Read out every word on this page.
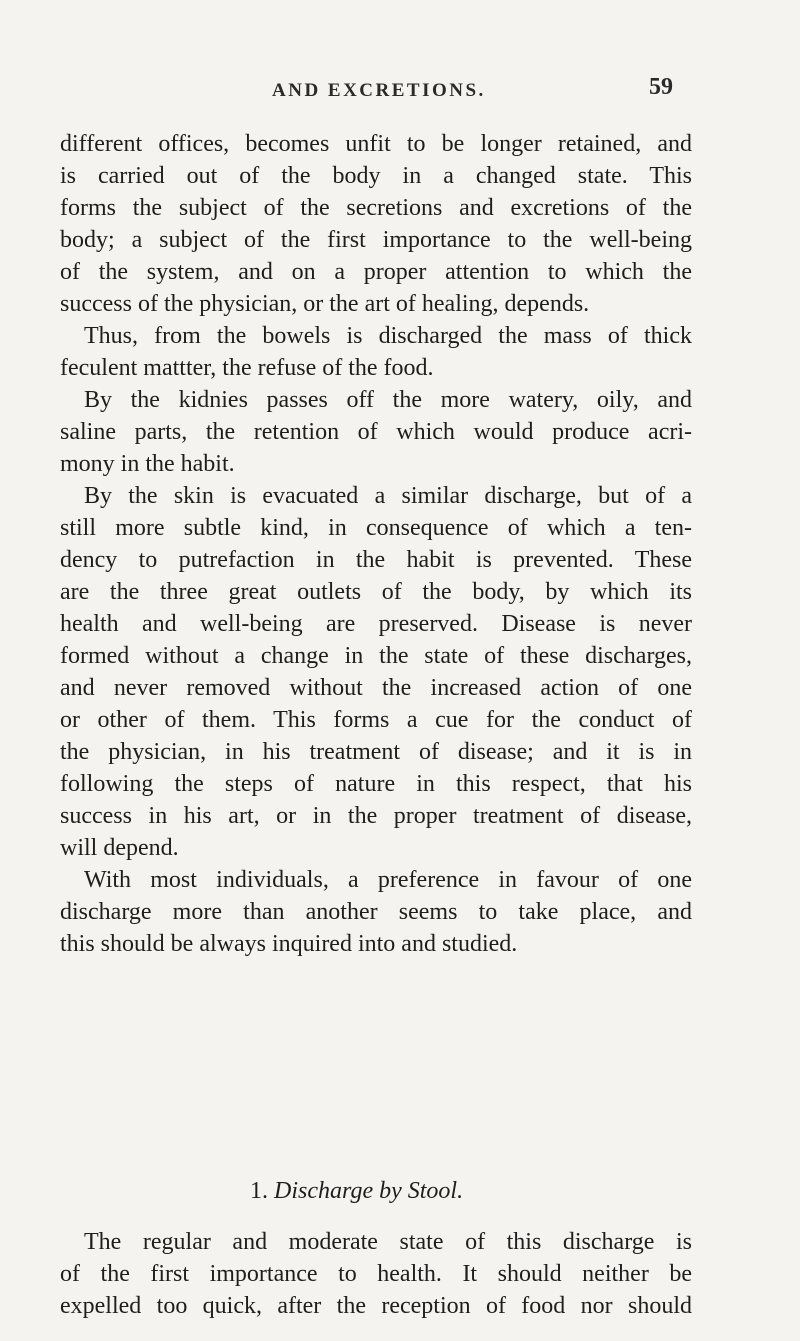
AND EXCRETIONS.	59
different offices, becomes unfit to be longer retained, and
is carried out of the body in a changed state. This
forms the subject of the secretions and excretions of the
body; a subject of the first importance to the well-being
of the system, and on a proper attention to which the
success of the physician, or the art of healing, depends.
Thus, from the bowels is discharged the mass of thick
feculent mattter, the refuse of the food.
By the kidnies passes off the more watery, oily, and
saline parts, the retention of which would produce acri-
mony in the habit.
By the skin is evacuated a similar discharge, but of a
still more subtle kind, in consequence of which a ten-
dency to putrefaction in the habit is prevented. These
are the three great outlets of the body, by which its
health and well-being are preserved. Disease is never
formed without a change in the state of these discharges,
and never removed without the increased action of one
or other of them. This forms a cue for the conduct of
the physician, in his treatment of disease; and it is in
following the steps of nature in this respect, that his
success in his art, or in the proper treatment of disease,
will depend.
With most individuals, a preference in favour of one
discharge more than another seems to take place, and
this should be always inquired into and studied.
1. Discharge by Stool.
The regular and moderate state of this discharge is
of the first importance to health. It should neither be
expelled too quick, after the reception of food nor should
